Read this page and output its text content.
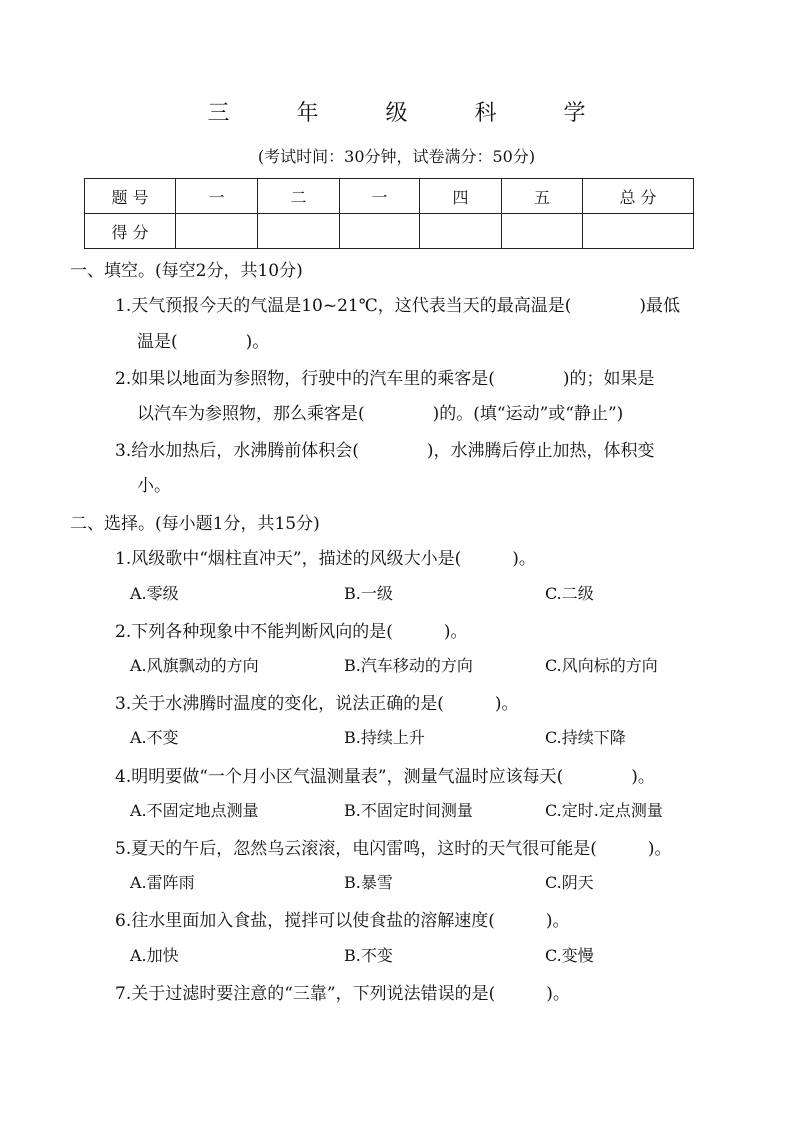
三 年 级 科 学
(考试时间：30分钟，试卷满分：50分)
题 号	一	二	一	四	五	总 分
得 分						
一、填空。(每空2分，共10分)
1.天气预报今天的气温是10~21℃，这代表当天的最高温是(　　　　)最低
温是(　　　　)。
2.如果以地面为参照物，行驶中的汽车里的乘客是(　　　　)的；如果是
以汽车为参照物，那么乘客是(　　　　)的。(填“运动”或“静止”)
3.给水加热后，水沸腾前体积会(　　　　)，水沸腾后停止加热，体积变
小。
二、选择。(每小题1分，共15分)
1.风级歌中“烟柱直冲天”，描述的风级大小是(　　　)。
A.零级	B.一级	C.二级
2.下列各种现象中不能判断风向的是(　　　)。
A.风旗飘动的方向	B.汽车移动的方向	C.风向标的方向
3.关于水沸腾时温度的变化，说法正确的是(　　　)。
A.不变	B.持续上升	C.持续下降
4.明明要做“一个月小区气温测量表”，测量气温时应该每天(　　　　)。
A.不固定地点测量	B.不固定时间测量	C.定时.定点测量
5.夏天的午后，忽然乌云滚滚，电闪雷鸣，这时的天气很可能是(　　　)。
A.雷阵雨	B.暴雪	C.阴天
6.往水里面加入食盐，搅拌可以使食盐的溶解速度(　　　)。
A.加快	B.不变	C.变慢
7.关于过滤时要注意的“三靠”，下列说法错误的是(　　　)。
